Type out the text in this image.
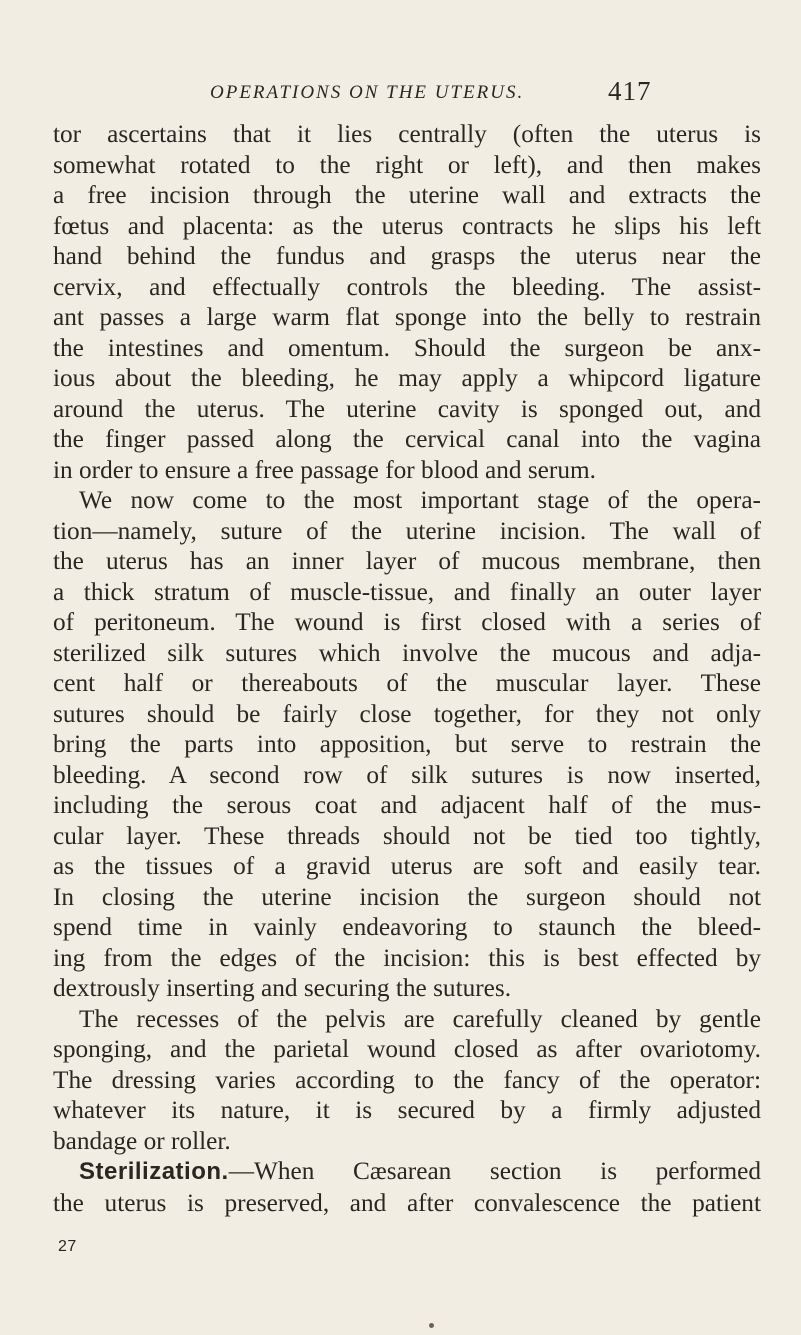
OPERATIONS ON THE UTERUS.	417
tor ascertains that it lies centrally (often the uterus is
somewhat rotated to the right or left), and then makes
a free incision through the uterine wall and extracts the
fœtus and placenta: as the uterus contracts he slips his left
hand behind the fundus and grasps the uterus near the
cervix, and effectually controls the bleeding. The assist-
ant passes a large warm flat sponge into the belly to restrain
the intestines and omentum. Should the surgeon be anx-
ious about the bleeding, he may apply a whipcord ligature
around the uterus. The uterine cavity is sponged out, and
the finger passed along the cervical canal into the vagina
in order to ensure a free passage for blood and serum.
We now come to the most important stage of the opera-
tion—namely, suture of the uterine incision. The wall of
the uterus has an inner layer of mucous membrane, then
a thick stratum of muscle-tissue, and finally an outer layer
of peritoneum. The wound is first closed with a series of
sterilized silk sutures which involve the mucous and adja-
cent half or thereabouts of the muscular layer. These
sutures should be fairly close together, for they not only
bring the parts into apposition, but serve to restrain the
bleeding. A second row of silk sutures is now inserted,
including the serous coat and adjacent half of the mus-
cular layer. These threads should not be tied too tightly,
as the tissues of a gravid uterus are soft and easily tear.
In closing the uterine incision the surgeon should not
spend time in vainly endeavoring to staunch the bleed-
ing from the edges of the incision: this is best effected by
dextrously inserting and securing the sutures.
The recesses of the pelvis are carefully cleaned by gentle
sponging, and the parietal wound closed as after ovariotomy.
The dressing varies according to the fancy of the operator:
whatever its nature, it is secured by a firmly adjusted
bandage or roller.
Sterilization.—When Cæsarean section is performed
the uterus is preserved, and after convalescence the patient
27
